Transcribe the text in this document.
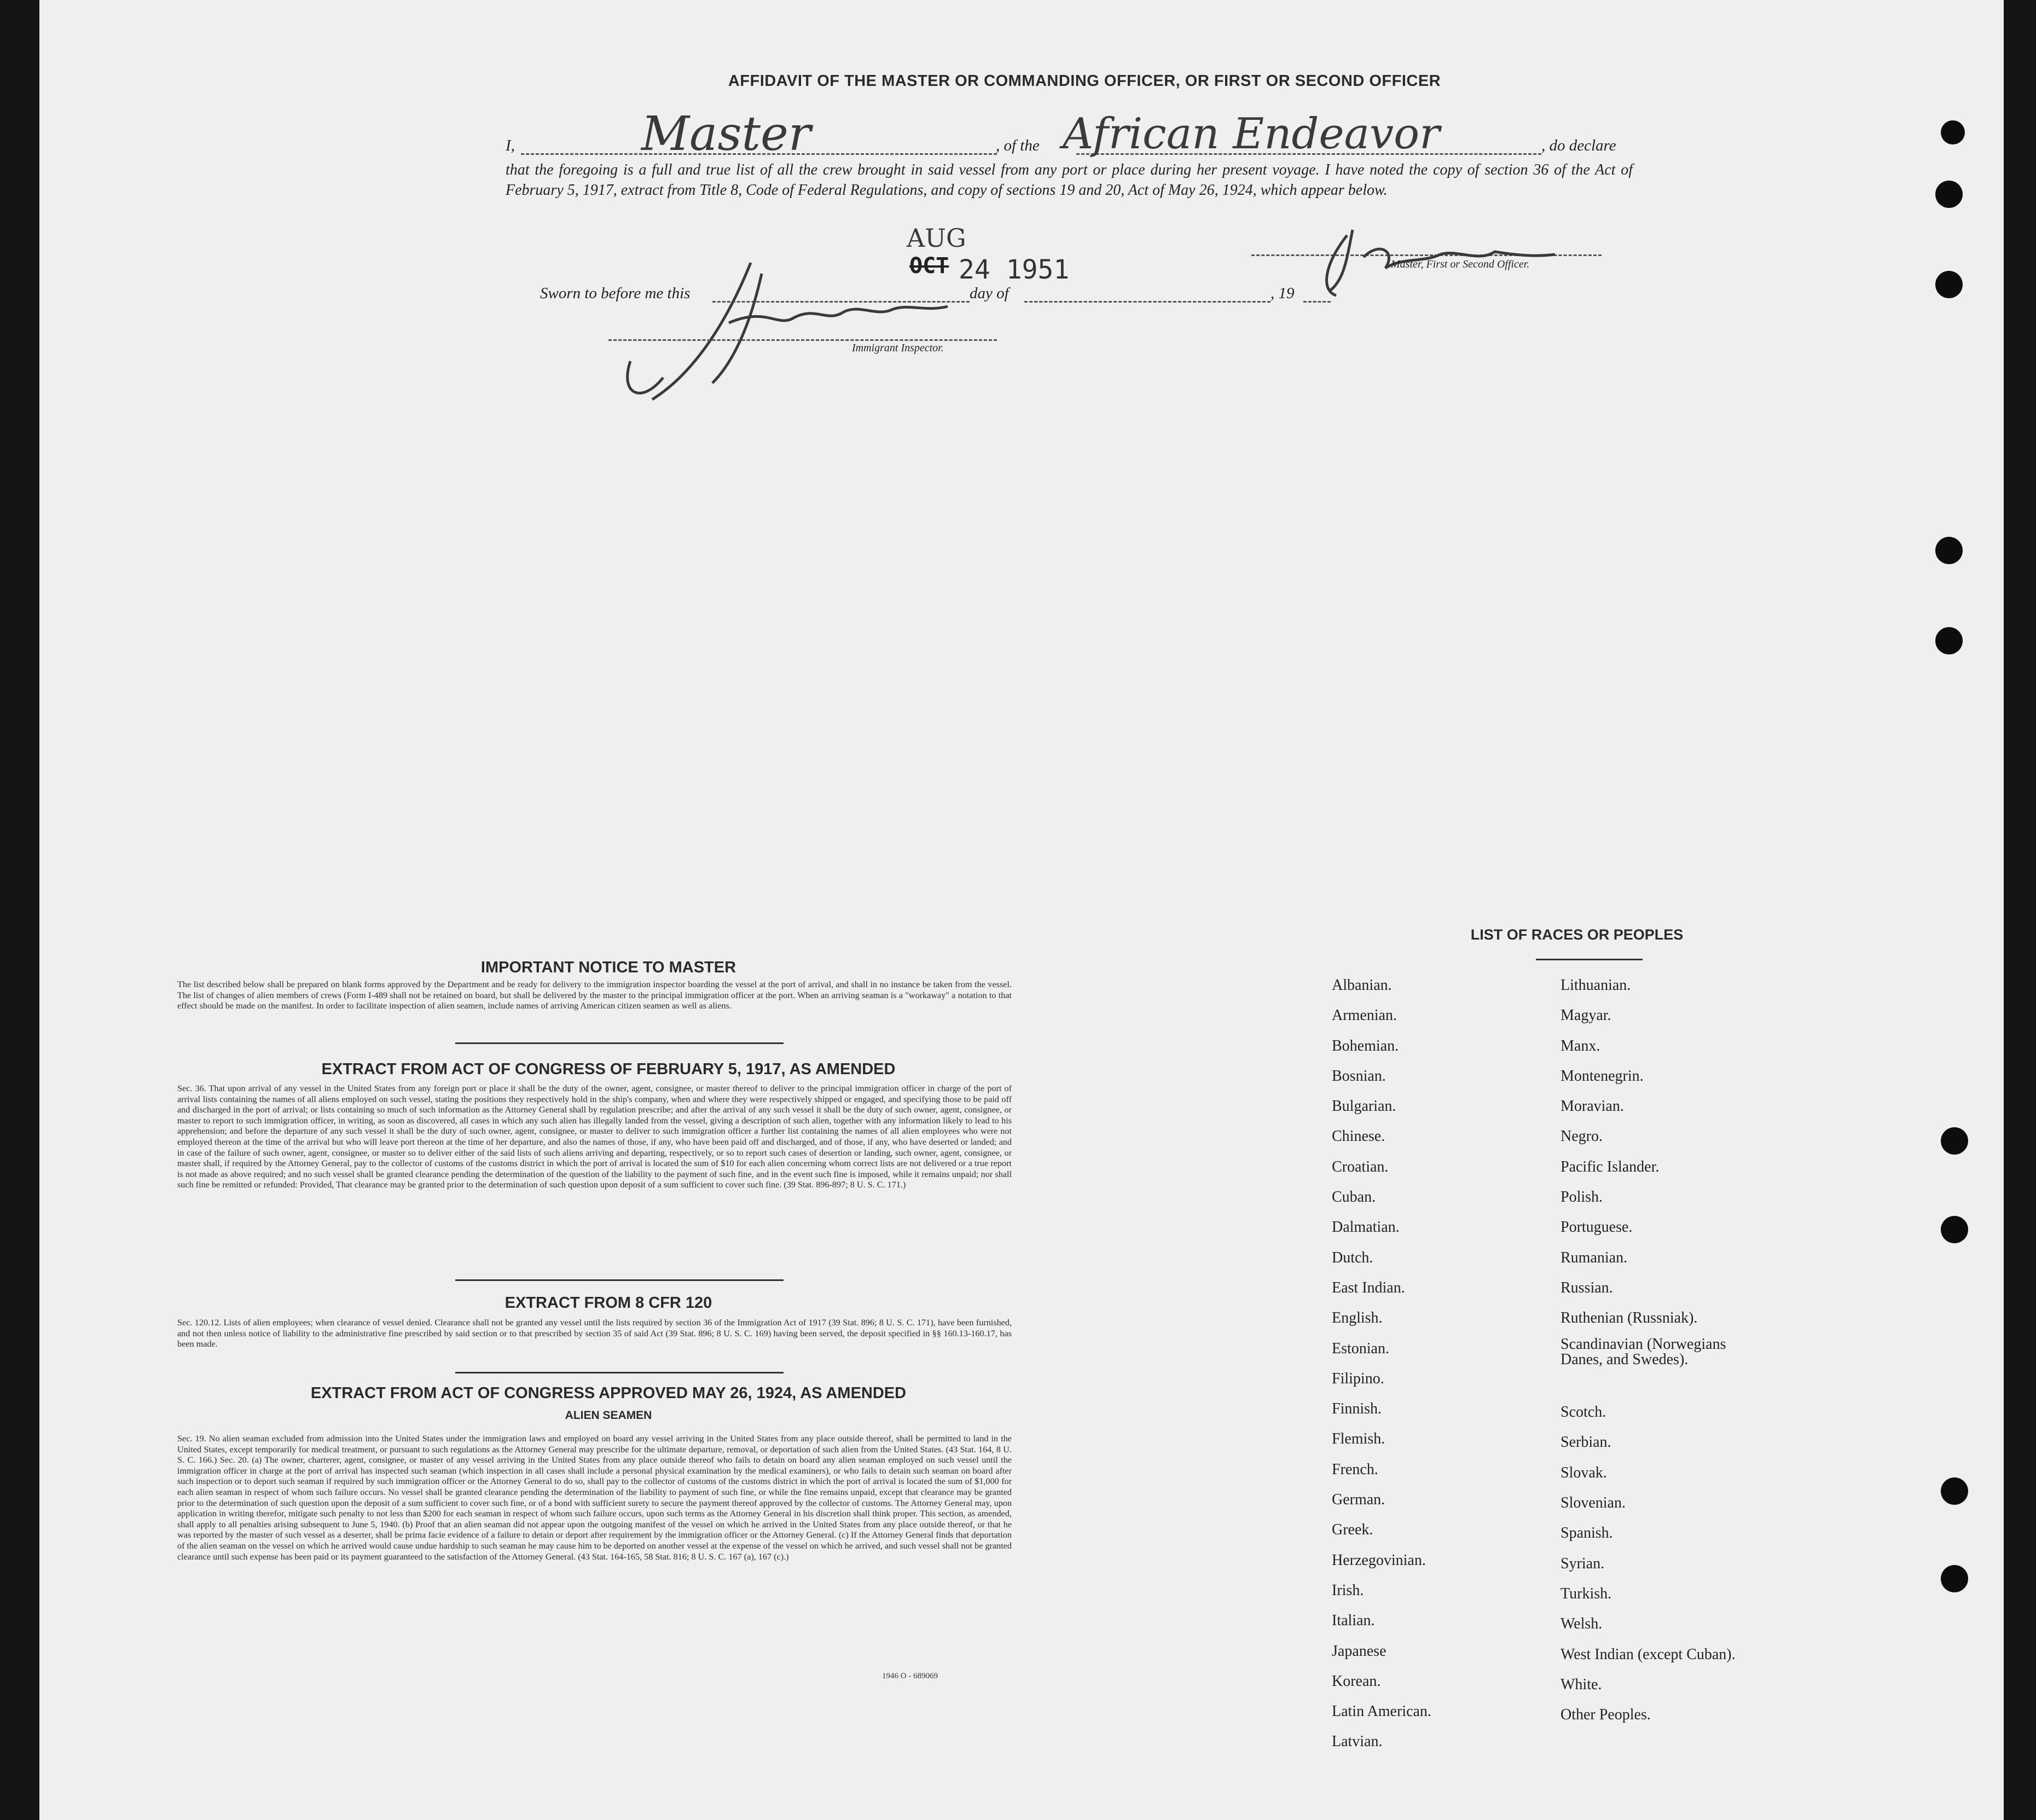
AFFIDAVIT OF THE MASTER OR COMMANDING OFFICER, OR FIRST OR SECOND OFFICER
I,	Master	, of the African Endeavor	, do declare
that the foregoing is a full and true list of all the crew brought in said vessel from any port or place during her present voyage. I have noted the copy of section 36 of the Act of February 5, 1917, extract from Title 8, Code of Federal Regulations, and copy of sections 19 and 20, Act of May 26, 1924, which appear below.
AUG
OCT 24 1951	Master, First or Second Officer.
Sworn to before me this	day of	, 19
Immigrant Inspector.
IMPORTANT NOTICE TO MASTER
The list described below shall be prepared on blank forms approved by the Department and be ready for delivery to the immigration inspector boarding the vessel at the port of arrival, and shall in no instance be taken from the vessel. The list of changes of alien members of crews (Form I-489 shall not be retained on board, but shall be delivered by the master to the principal immigration officer at the port. When an arriving seaman is a "workaway" a notation to that effect should be made on the manifest. In order to facilitate inspection of alien seamen, include names of arriving American citizen seamen as well as aliens.
EXTRACT FROM ACT OF CONGRESS OF FEBRUARY 5, 1917, AS AMENDED
Sec. 36. That upon arrival of any vessel in the United States from any foreign port or place it shall be the duty of the owner, agent, consignee, or master thereof to deliver to the principal immigration officer in charge of the port of arrival lists containing the names of all aliens employed on such vessel, stating the positions they respectively hold in the ship's company, when and where they were respectively shipped or engaged, and specifying those to be paid off and discharged in the port of arrival; or lists containing so much of such information as the Attorney General shall by regulation prescribe; and after the arrival of any such vessel it shall be the duty of such owner, agent, consignee, or master to report to such immigration officer, in writing, as soon as discovered, all cases in which any such alien has illegally landed from the vessel, giving a description of such alien, together with any information likely to lead to his apprehension; and before the departure of any such vessel it shall be the duty of such owner, agent, consignee, or master to deliver to such immigration officer a further list containing the names of all alien employees who were not employed thereon at the time of the arrival but who will leave port thereon at the time of her departure, and also the names of those, if any, who have been paid off and discharged, and of those, if any, who have deserted or landed; and in case of the failure of such owner, agent, consignee, or master so to deliver either of the said lists of such aliens arriving and departing, respectively, or so to report such cases of desertion or landing, such owner, agent, consignee, or master shall, if required by the Attorney General, pay to the collector of customs of the customs district in which the port of arrival is located the sum of $10 for each alien concerning whom correct lists are not delivered or a true report is not made as above required; and no such vessel shall be granted clearance pending the determination of the question of the liability to the payment of such fine, and in the event such fine is imposed, while it remains unpaid; nor shall such fine be remitted or refunded: Provided, That clearance may be granted prior to the determination of such question upon deposit of a sum sufficient to cover such fine. (39 Stat. 896-897; 8 U. S. C. 171.)
EXTRACT FROM 8 CFR 120
Sec. 120.12. Lists of alien employees; when clearance of vessel denied. Clearance shall not be granted any vessel until the lists required by section 36 of the Immigration Act of 1917 (39 Stat. 896; 8 U. S. C. 171), have been furnished, and not then unless notice of liability to the administrative fine prescribed by said section or to that prescribed by section 35 of said Act (39 Stat. 896; 8 U. S. C. 169) having been served, the deposit specified in §§ 160.13-160.17, has been made.
EXTRACT FROM ACT OF CONGRESS APPROVED MAY 26, 1924, AS AMENDED
ALIEN SEAMEN
Sec. 19. No alien seaman excluded from admission into the United States under the immigration laws and employed on board any vessel arriving in the United States from any place outside thereof, shall be permitted to land in the United States, except temporarily for medical treatment, or pursuant to such regulations as the Attorney General may prescribe for the ultimate departure, removal, or deportation of such alien from the United States. (43 Stat. 164, 8 U. S. C. 166.) Sec. 20. (a) The owner, charterer, agent, consignee, or master of any vessel arriving in the United States from any place outside thereof who fails to detain on board any alien seaman employed on such vessel until the immigration officer in charge at the port of arrival has inspected such seaman (which inspection in all cases shall include a personal physical examination by the medical examiners), or who fails to detain such seaman on board after such inspection or to deport such seaman if required by such immigration officer or the Attorney General to do so, shall pay to the collector of customs of the customs district in which the port of arrival is located the sum of $1,000 for each alien seaman in respect of whom such failure occurs. No vessel shall be granted clearance pending the determination of the liability to payment of such fine, or while the fine remains unpaid, except that clearance may be granted prior to the determination of such question upon the deposit of a sum sufficient to cover such fine, or of a bond with sufficient surety to secure the payment thereof approved by the collector of customs. The Attorney General may, upon application in writing therefor, mitigate such penalty to not less than $200 for each seaman in respect of whom such failure occurs, upon such terms as the Attorney General in his discretion shall think proper. This section, as amended, shall apply to all penalties arising subsequent to June 5, 1940. (b) Proof that an alien seaman did not appear upon the outgoing manifest of the vessel on which he arrived in the United States from any place outside thereof, or that he was reported by the master of such vessel as a deserter, shall be prima facie evidence of a failure to detain or deport after requirement by the immigration officer or the Attorney General. (c) If the Attorney General finds that deportation of the alien seaman on the vessel on which he arrived would cause undue hardship to such seaman he may cause him to be deported on another vessel at the expense of the vessel on which he arrived, and such vessel shall not be granted clearance until such expense has been paid or its payment guaranteed to the satisfaction of the Attorney General. (43 Stat. 164-165, 58 Stat. 816; 8 U. S. C. 167 (a), 167 (c).)
1946 O - 689069
LIST OF RACES OR PEOPLES
Albanian.
Armenian.
Bohemian.
Bosnian.
Bulgarian.
Chinese.
Croatian.
Cuban.
Dalmatian.
Dutch.
East Indian.
English.
Estonian.
Filipino.
Finnish.
Flemish.
French.
German.
Greek.
Herzegovinian.
Irish.
Italian.
Japanese
Korean.
Latin American.
Latvian.
Lithuanian.
Magyar.
Manx.
Montenegrin.
Moravian.
Negro.
Pacific Islander.
Polish.
Portuguese.
Rumanian.
Russian.
Ruthenian (Russniak).
Scandinavian (Norwegians Danes, and Swedes).
Scotch.
Serbian.
Slovak.
Slovenian.
Spanish.
Syrian.
Turkish.
Welsh.
West Indian (except Cuban).
White.
Other Peoples.
